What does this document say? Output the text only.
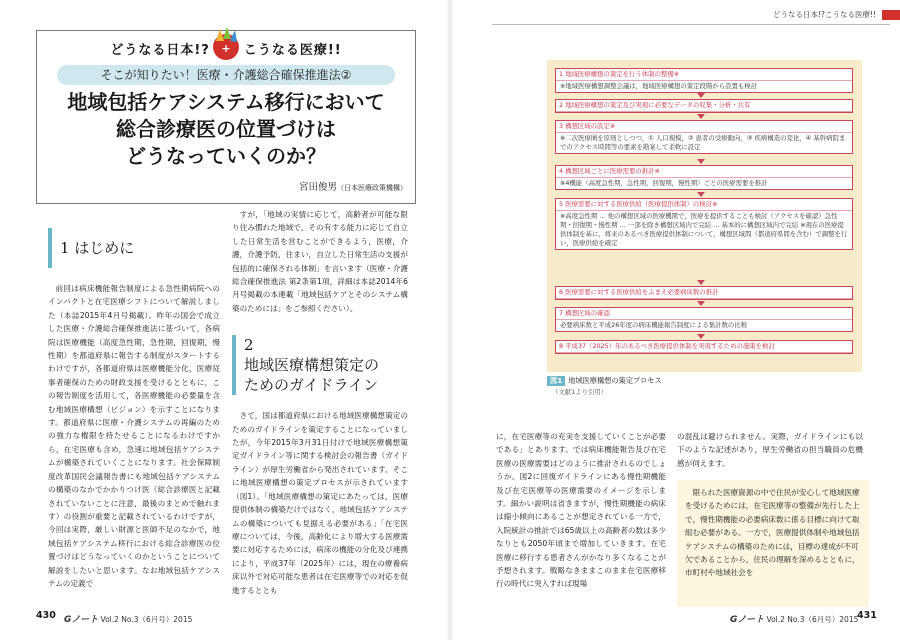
どうなる日本!?	こうなる医療!!
+
そこが知りたい！医療・介護総合確保推進法②
地域包括ケアシステム移行において
総合診療医の位置づけは
どうなっていくのか？
宮田俊男（日本医療政策機構）
1 はじめに

前回は病床機能報告制度による急性期病院へのインパクトと在宅医療シフトについて解説しました（本誌2015年4月号掲載）。昨年の国会で成立した医療・介護総合確保推進法に基づいて，各病院は医療機能（高度急性期，急性期，回復期，慢性期）を都道府県に報告する制度がスタートするわけですが，各都道府県は医療機能分化，医療従事者確保のための財政支援を受けるとともに，この報告制度を活用して，各医療機能の必要量を含む地域医療構想（ビジョン）を示すことになります。都道府県に医療・介護システムの再編のための強力な権限を持たせることになるわけですから，在宅医療も含め，急速に地域包括ケアシステムが構築されていくことになります。社会保障制度改革国民会議報告書にも地域包括ケアシステムの構築のなかでかかりつけ医（総合診療医と記載されていないことに注意，最後のまとめで触れます）の役割が重要と記載されているわけですが，今回は実際，厳しい財源と医師不足のなかで，地域包括ケアシステム移行における総合診療医の位置づけはどうなっていくのかということについて解説をしたいと思います。なお地域包括ケアシステムの定義で

すが，「地域の実情に応じて，高齢者が可能な限り住み慣れた地域で，その有する能力に応じて自立した日常生活を営むことができるよう，医療，介護，介護予防，住まい，自立した日常生活の支援が包括的に確保される体制」を言います（医療・介護総合確保推進法 第2条第1項，詳細は本誌2014年6月号掲載の本連載「地域包括ケアとそのシステム構築のためには」をご参照ください）。

2
地域医療構想策定の
ためのガイドライン

さて，国は都道府県における地域医療構想策定のためのガイドラインを策定することになっていましたが，今年2015年3月31日付けで地域医療構想策定ガイドライン等に関する検討会の報告書（ガイドライン）が厚生労働省から発出されています。そこに地域医療構想の策定プロセスが示されています（図1）。「地域医療構想の策定にあたっては，医療提供体制の構築だけではなく，地域包括ケアシステムの構築についても見据える必要がある」「在宅医療については，今後，高齢化により増大する医療需要に対応するためには，病床の機能の分化及び連携により，平成37年（2025年）には，現在の療養病床以外で対応可能な患者は在宅医療等での対応を促進するととも

430 Gノート Vol.2 No.3（6月号）2015
どうなる日本!?こうなる医療!!
1 地域医療構想の策定を行う体制の整備※
※地域医療構想調整会議は，地域医療構想の策定段階から設置も検討
2 地域医療構想の策定及び実現に必要なデータの収集・分析・共有
3 構想区域の設定※
※二次医療圏を原則としつつ，① 人口規模，② 患者の受療動向，③ 疾病構造の変化，④ 基幹病院までのアクセス時間等の要素を勘案して柔軟に設定
4 構想区域ごとに医療需要の推計※
※4機能（高度急性期，急性期，回復期，慢性期）ごとの医療需要を推計
5 医療需要に対する医療供給（医療提供体制）の検討※
※高度急性期 … 他の構想区域の医療機関で，医療を提供することも検討（アクセスを確認）急性期・回復期・慢性期 … 一部を除き構想区域内で完結 … 基本的に構想区域内で完結 ※現在の医療提供体制を基に，将来のあるべき医療提供体制について，構想区域間（都道府県間を含む）で調整を行い，医療供給を確定
6 医療需要に対する医療供給をふまえ必要病床数の推計
7 構想区域の確認
必要病床数と平成26年度の病床機能報告制度による集計数の比較
8 平成37（2025）年のあるべき医療提供体制を実現するための施策を検討
図1 地域医療構想の策定プロセス
（文献1より引用）

に，在宅医療等の充実を支援していくことが必要である」とあります。では病床機能報告及び在宅医療の医療需要はどのように推計されるのでしょうか。図2に回復ガイドラインにある慢性期機能及び在宅医療等の医療需要のイメージを示します。細かい説明は省きますが，慢性期機能の病床は縮小傾向にあることが想定されている一方で，入院統計の推計では65歳以上の高齢者の数は多少なりとも2050年頃まで増加していきます。在宅医療に移行する患者さんがかなり多くなることが予想されます。戦略なきままこのまま在宅医療移行の時代に突入すれば現場

の混乱は避けられません。実際，ガイドラインにも以下のような記述があり，厚生労働省の担当職員の危機感が伺えます。

限られた医療資源の中で住民が安心して地域医療を受けるためには，在宅医療等の整備が先行した上で，慢性期機能の必要病床数に係る目標に向けて取組む必要がある。一方で，医療提供体制や地域包括ケアシステムの構築のためには，目標の達成が不可欠であることから，住民の理解を深めるとともに，市町村や地域社会を

Gノート Vol.2 No.3（6月号）2015
431
